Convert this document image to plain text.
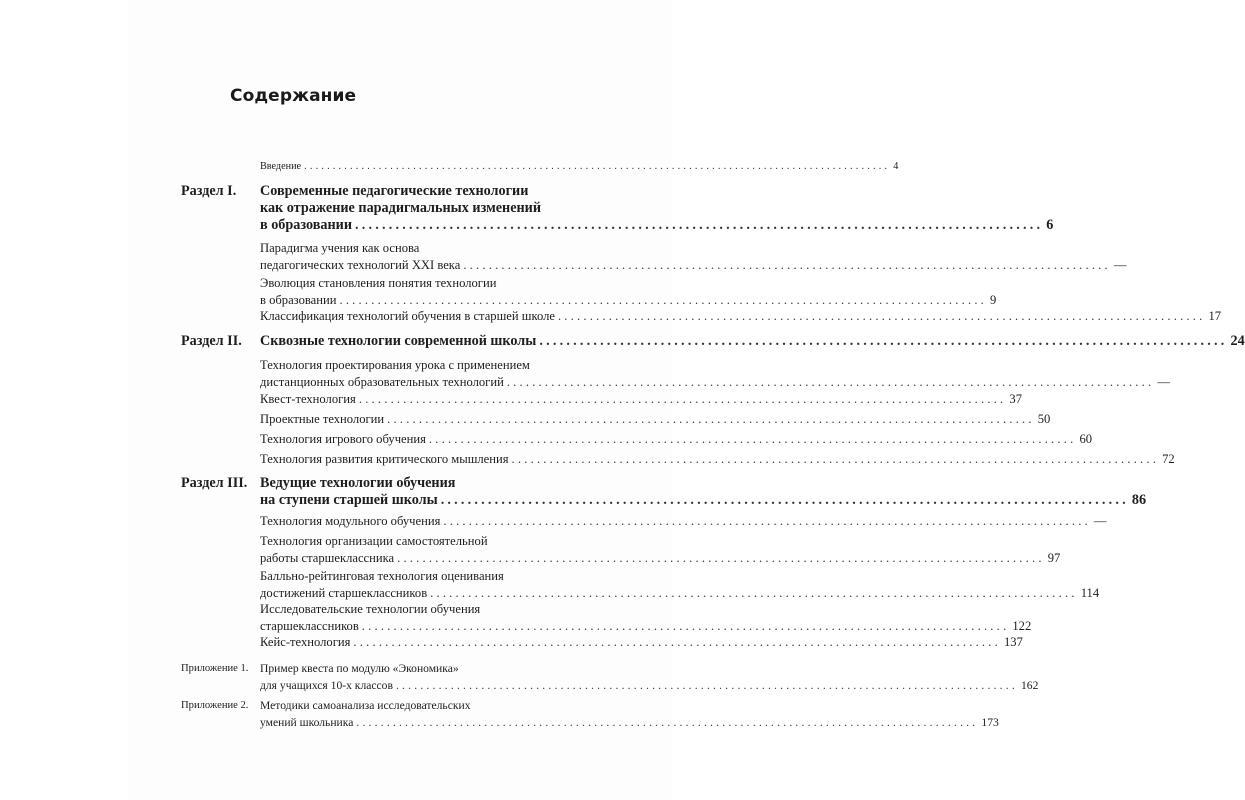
Содержание
Введение ...................................................................................................... 4
Раздел I. Современные педагогические технологии
как отражение парадигмальных изменений
в образовании ...................................................................................................... 6
Парадигма учения как основа
педагогических технологий XXI века ...................................................................................................... —
Эволюция становления понятия технологии
в образовании ...................................................................................................... 9
Классификация технологий обучения в старшей школе ...................................................................................................... 17
Раздел II. Сквозные технологии современной школы ...................................................................................................... 24
Технология проектирования урока с применением
дистанционных образовательных технологий ...................................................................................................... —
Квест-технология ...................................................................................................... 37
Проектные технологии ...................................................................................................... 50
Технология игрового обучения ...................................................................................................... 60
Технология развития критического мышления ...................................................................................................... 72
Раздел III. Ведущие технологии обучения
на ступени старшей школы ...................................................................................................... 86
Технология модульного обучения ...................................................................................................... —
Технология организации самостоятельной
работы старшеклассника ...................................................................................................... 97
Балльно-рейтинговая технология оценивания
достижений старшеклассников ...................................................................................................... 114
Исследовательские технологии обучения
старшеклассников ...................................................................................................... 122
Кейс-технология ...................................................................................................... 137
Приложение 1. Пример квеста по модулю «Экономика»
для учащихся 10-х классов ...................................................................................................... 162
Приложение 2. Методики самоанализа исследовательских
умений школьника ...................................................................................................... 173
